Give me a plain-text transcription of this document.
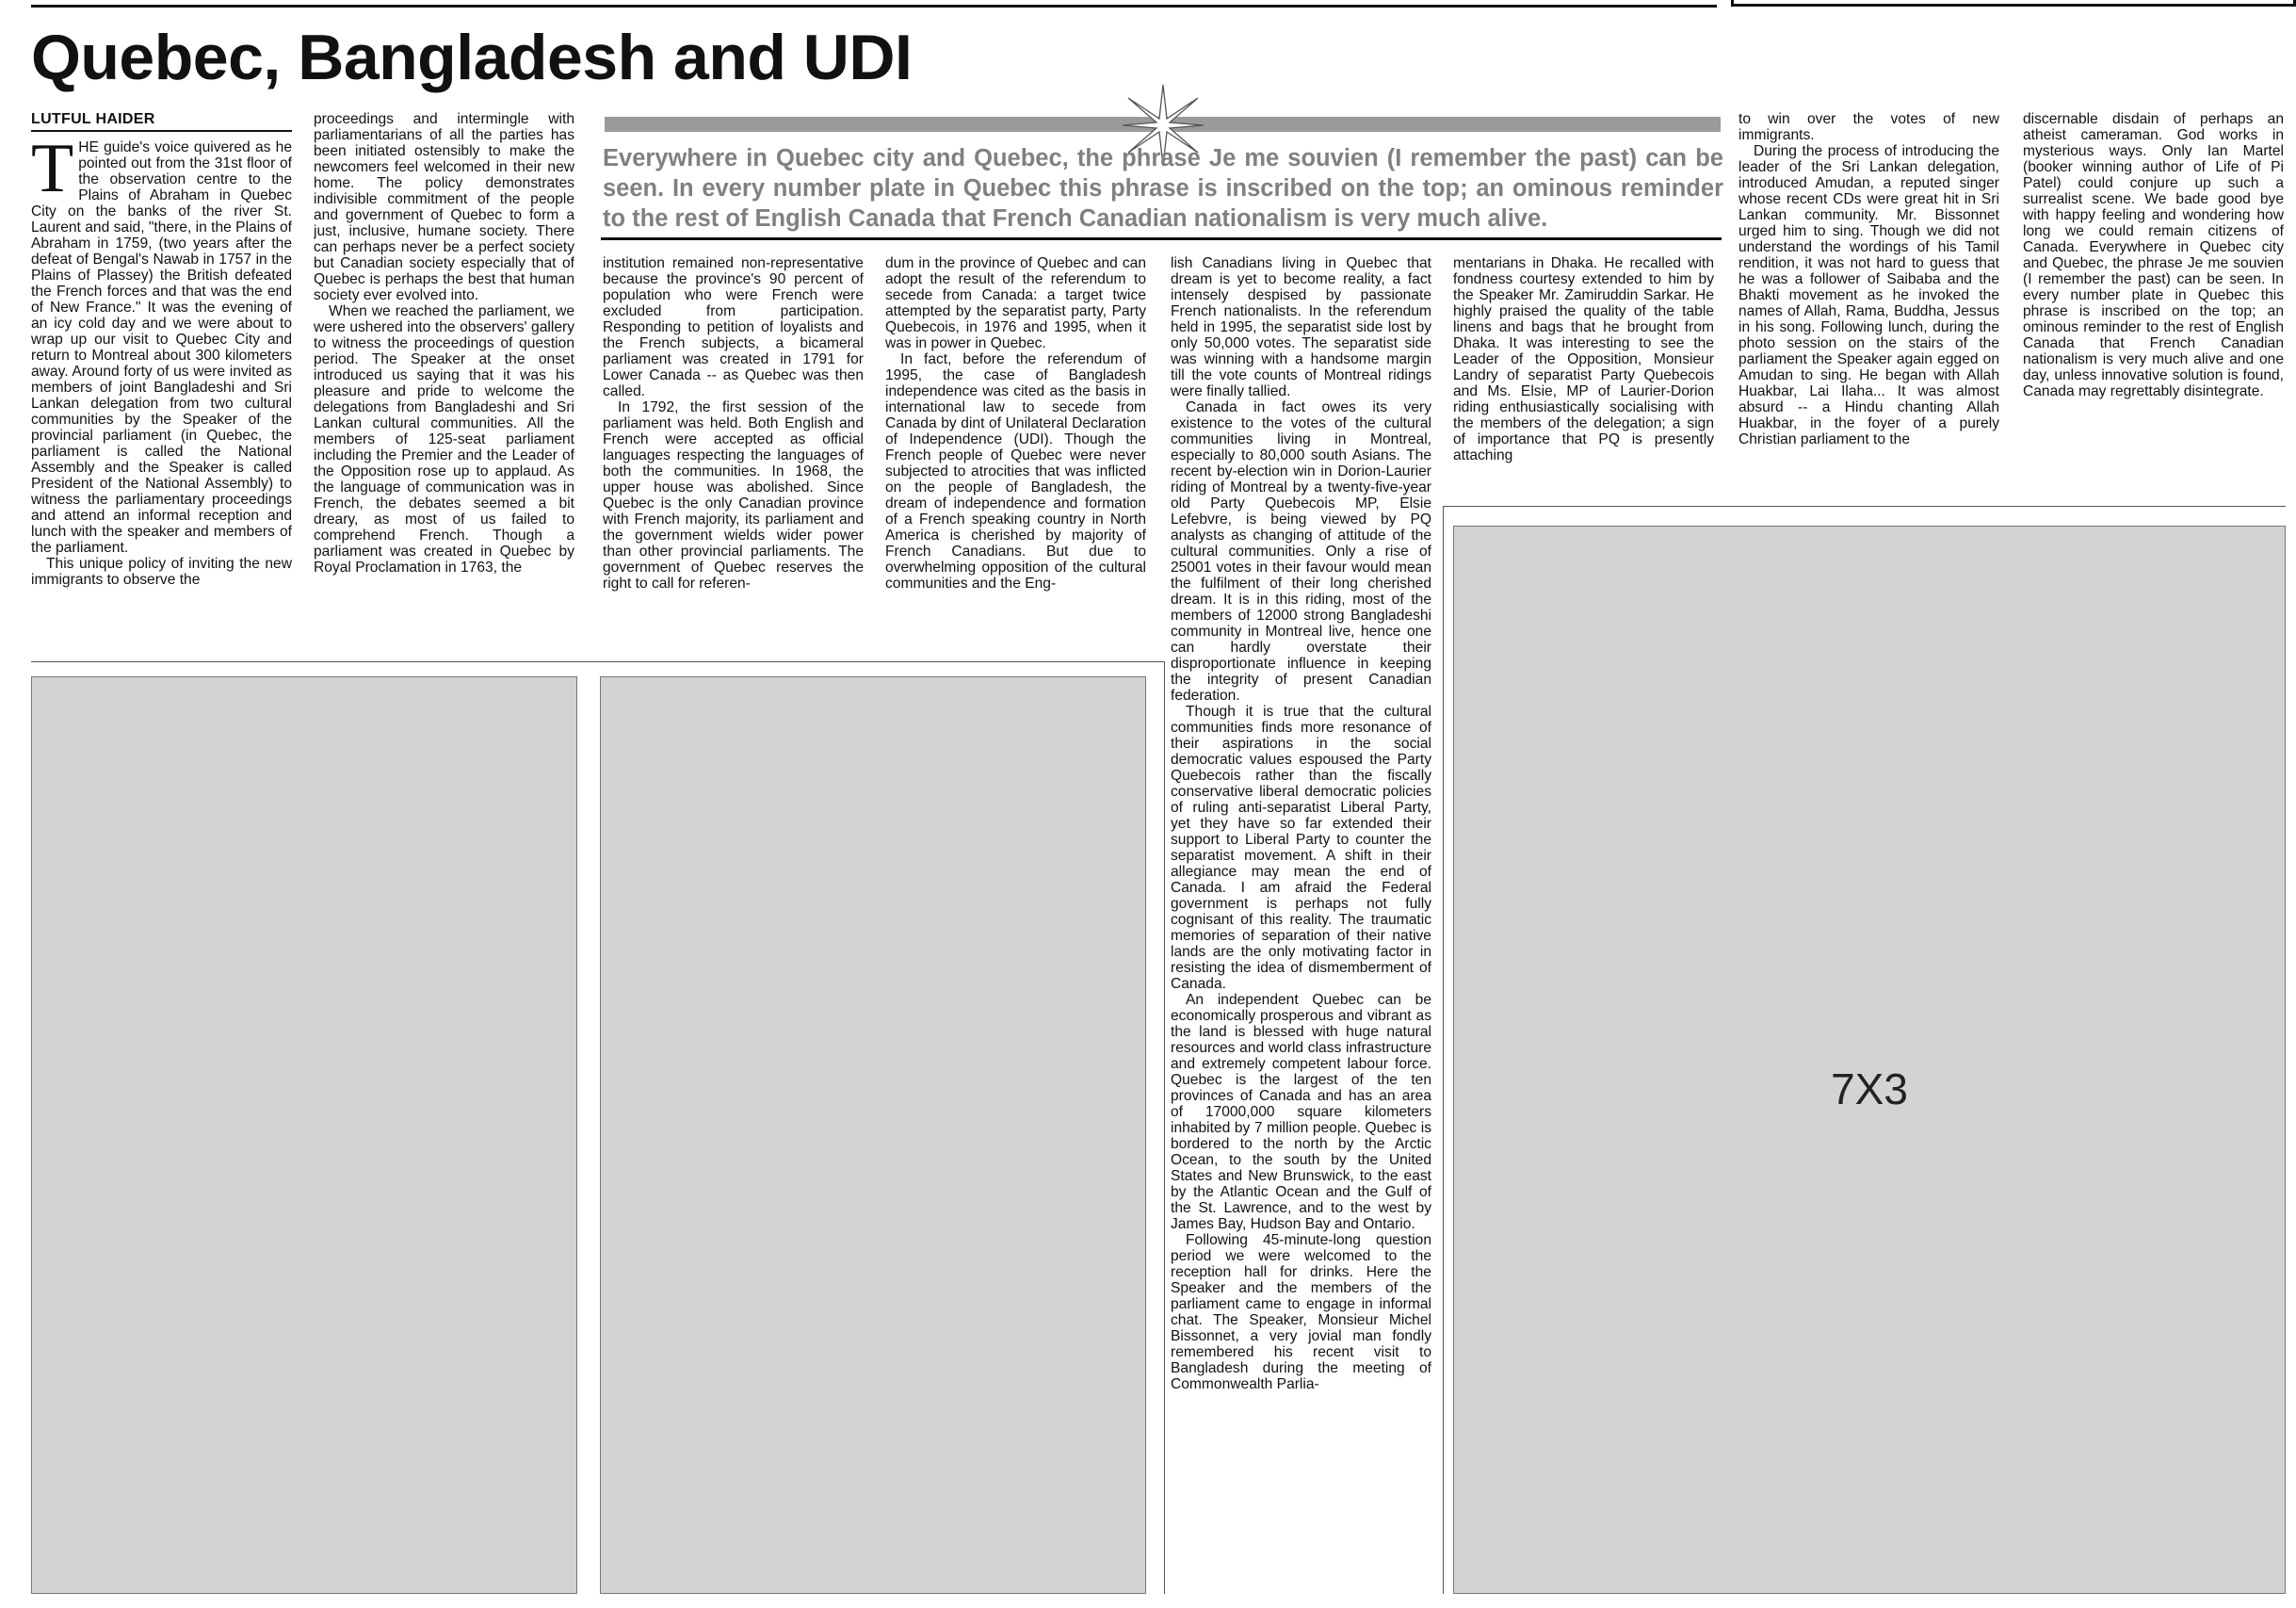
Quebec, Bangladesh and UDI
LUTFUL HAIDER

THE guide's voice quivered as he pointed out from the 31st floor of the observation centre to the Plains of Abraham in Quebec City on the banks of the river St. Laurent and said, "there, in the Plains of Abraham in 1759, (two years after the defeat of Bengal's Nawab in 1757 in the Plains of Plassey) the British defeated the French forces and that was the end of New France." It was the evening of an icy cold day and we were about to wrap up our visit to Quebec City and return to Montreal about 300 kilometers away. Around forty of us were invited as members of joint Bangladeshi and Sri Lankan delegation from two cultural communities by the Speaker of the provincial parliament (in Quebec, the parliament is called the National Assembly and the Speaker is called President of the National Assembly) to witness the parliamentary proceedings and attend an informal reception and lunch with the speaker and members of the parliament.

This unique policy of inviting the new immigrants to observe the

proceedings and intermingle with parliamentarians of all the parties has been initiated ostensibly to make the newcomers feel welcomed in their new home. The policy demonstrates indivisible commitment of the people and government of Quebec to form a just, inclusive, humane society. There can perhaps never be a perfect society but Canadian society especially that of Quebec is perhaps the best that human society ever evolved into.

When we reached the parliament, we were ushered into the observers' gallery to witness the proceedings of question period. The Speaker at the onset introduced us saying that it was his pleasure and pride to welcome the delegations from Bangladeshi and Sri Lankan cultural communities. All the members of 125-seat parliament including the Premier and the Leader of the Opposition rose up to applaud. As the language of communication was in French, the debates seemed a bit dreary, as most of us failed to comprehend French. Though a parliament was created in Quebec by Royal Proclamation in 1763, the

Everywhere in Quebec city and Quebec, the phrase Je me souvien (I remember the past) can be seen. In every number plate in Quebec this phrase is inscribed on the top; an ominous reminder to the rest of English Canada that French Canadian nationalism is very much alive.

institution remained non-representative because the province's 90 percent of population who were French were excluded from participation. Responding to petition of loyalists and the French subjects, a bicameral parliament was created in 1791 for Lower Canada -- as Quebec was then called.

In 1792, the first session of the parliament was held. Both English and French were accepted as official languages respecting the languages of both the communities. In 1968, the upper house was abolished. Since Quebec is the only Canadian province with French majority, its parliament and the government wields wider power than other provincial parliaments. The government of Quebec reserves the right to call for referen-

dum in the province of Quebec and can adopt the result of the referendum to secede from Canada: a target twice attempted by the separatist party, Party Quebecois, in 1976 and 1995, when it was in power in Quebec.

In fact, before the referendum of 1995, the case of Bangladesh independence was cited as the basis in international law to secede from Canada by dint of Unilateral Declaration of Independence (UDI). Though the French people of Quebec were never subjected to atrocities that was inflicted on the people of Bangladesh, the dream of independence and formation of a French speaking country in North America is cherished by majority of French Canadians. But due to overwhelming opposition of the cultural communities and the Eng-

lish Canadians living in Quebec that dream is yet to become reality, a fact intensely despised by passionate French nationalists. In the referendum held in 1995, the separatist side lost by only 50,000 votes. The separatist side was winning with a handsome margin till the vote counts of Montreal ridings were finally tallied.

Canada in fact owes its very existence to the votes of the cultural communities living in Montreal, especially to 80,000 south Asians. The recent by-election win in Dorion-Laurier riding of Montreal by a twenty-five-year old Party Quebecois MP, Elsie Lefebvre, is being viewed by PQ analysts as changing of attitude of the cultural communities. Only a rise of 25001 votes in their favour would mean the fulfilment of their long cherished dream. It is in this riding, most of the members of 12000 strong Bangladeshi community in Montreal live, hence one can hardly overstate their disproportionate influence in keeping the integrity of present Canadian federation.

Though it is true that the cultural communities finds more resonance of their aspirations in the social democratic values espoused the Party Quebecois rather than the fiscally conservative liberal democratic policies of ruling anti-separatist Liberal Party, yet they have so far extended their support to Liberal Party to counter the separatist movement. A shift in their allegiance may mean the end of Canada. I am afraid the Federal government is perhaps not fully cognisant of this reality. The traumatic memories of separation of their native lands are the only motivating factor in resisting the idea of dismemberment of Canada.

An independent Quebec can be economically prosperous and vibrant as the land is blessed with huge natural resources and world class infrastructure and extremely competent labour force. Quebec is the largest of the ten provinces of Canada and has an area of 17000,000 square kilometers inhabited by 7 million people. Quebec is bordered to the north by the Arctic Ocean, to the south by the United States and New Brunswick, to the east by the Atlantic Ocean and the Gulf of the St. Lawrence, and to the west by James Bay, Hudson Bay and Ontario.

Following 45-minute-long question period we were welcomed to the reception hall for drinks. Here the Speaker and the members of the parliament came to engage in informal chat. The Speaker, Monsieur Michel Bissonnet, a very jovial man fondly remembered his recent visit to Bangladesh during the meeting of Commonwealth Parlia-

mentarians in Dhaka. He recalled with fondness courtesy extended to him by the Speaker Mr. Zamiruddin Sarkar. He highly praised the quality of the table linens and bags that he brought from Dhaka. It was interesting to see the Leader of the Opposition, Monsieur Landry of separatist Party Quebecois and Ms. Elsie, MP of Laurier-Dorion riding enthusiastically socialising with the members of the delegation; a sign of importance that PQ is presently attaching

to win over the votes of new immigrants.

During the process of introducing the leader of the Sri Lankan delegation, introduced Amudan, a reputed singer whose recent CDs were great hit in Sri Lankan community. Mr. Bissonnet urged him to sing. Though we did not understand the wordings of his Tamil rendition, it was not hard to guess that he was a follower of Saibaba and the Bhakti movement as he invoked the names of Allah, Rama, Buddha, Jessus in his song. Following lunch, during the photo session on the stairs of the parliament the Speaker again egged on Amudan to sing. He began with Allah Huakbar, Lai Ilaha... It was almost absurd -- a Hindu chanting Allah Huakbar, in the foyer of a purely Christian parliament to the

discernable disdain of perhaps an atheist cameraman. God works in mysterious ways. Only Ian Martel (booker winning author of Life of Pi Patel) could conjure up such a surrealist scene. We bade good bye with happy feeling and wondering how long we could remain citizens of Canada. Everywhere in Quebec city and Quebec, the phrase Je me souvien (I remember the past) can be seen. In every number plate in Quebec this phrase is inscribed on the top; an ominous reminder to the rest of English Canada that French Canadian nationalism is very much alive and one day, unless innovative solution is found, Canada may regrettably disintegrate.

7X3
